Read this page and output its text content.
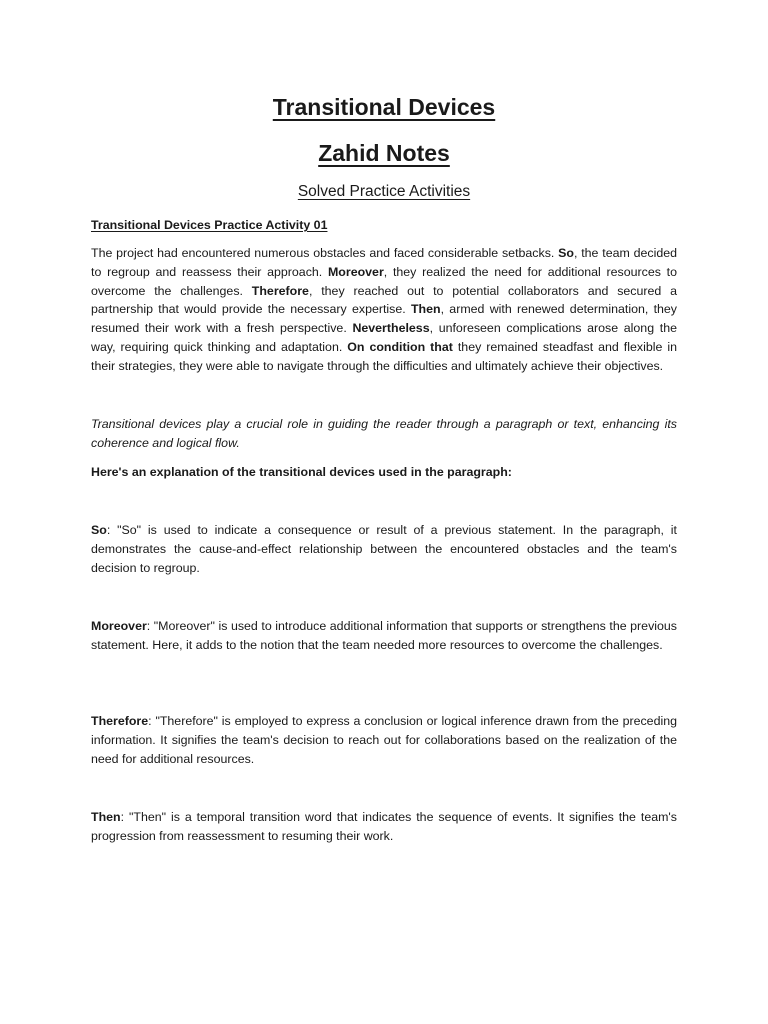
Transitional Devices
Zahid Notes

Solved Practice Activities

Transitional Devices Practice Activity 01

The project had encountered numerous obstacles and faced considerable setbacks. So, the team decided to regroup and reassess their approach. Moreover, they realized the need for additional resources to overcome the challenges. Therefore, they reached out to potential collaborators and secured a partnership that would provide the necessary expertise. Then, armed with renewed determination, they resumed their work with a fresh perspective. Nevertheless, unforeseen complications arose along the way, requiring quick thinking and adaptation. On condition that they remained steadfast and flexible in their strategies, they were able to navigate through the difficulties and ultimately achieve their objectives.

Transitional devices play a crucial role in guiding the reader through a paragraph or text, enhancing its coherence and logical flow.

Here's an explanation of the transitional devices used in the paragraph:

So: "So" is used to indicate a consequence or result of a previous statement. In the paragraph, it demonstrates the cause-and-effect relationship between the encountered obstacles and the team's decision to regroup.

Moreover: "Moreover" is used to introduce additional information that supports or strengthens the previous statement. Here, it adds to the notion that the team needed more resources to overcome the challenges.

Therefore: "Therefore" is employed to express a conclusion or logical inference drawn from the preceding information. It signifies the team's decision to reach out for collaborations based on the realization of the need for additional resources.

Then: "Then" is a temporal transition word that indicates the sequence of events. It signifies the team's progression from reassessment to resuming their work.
